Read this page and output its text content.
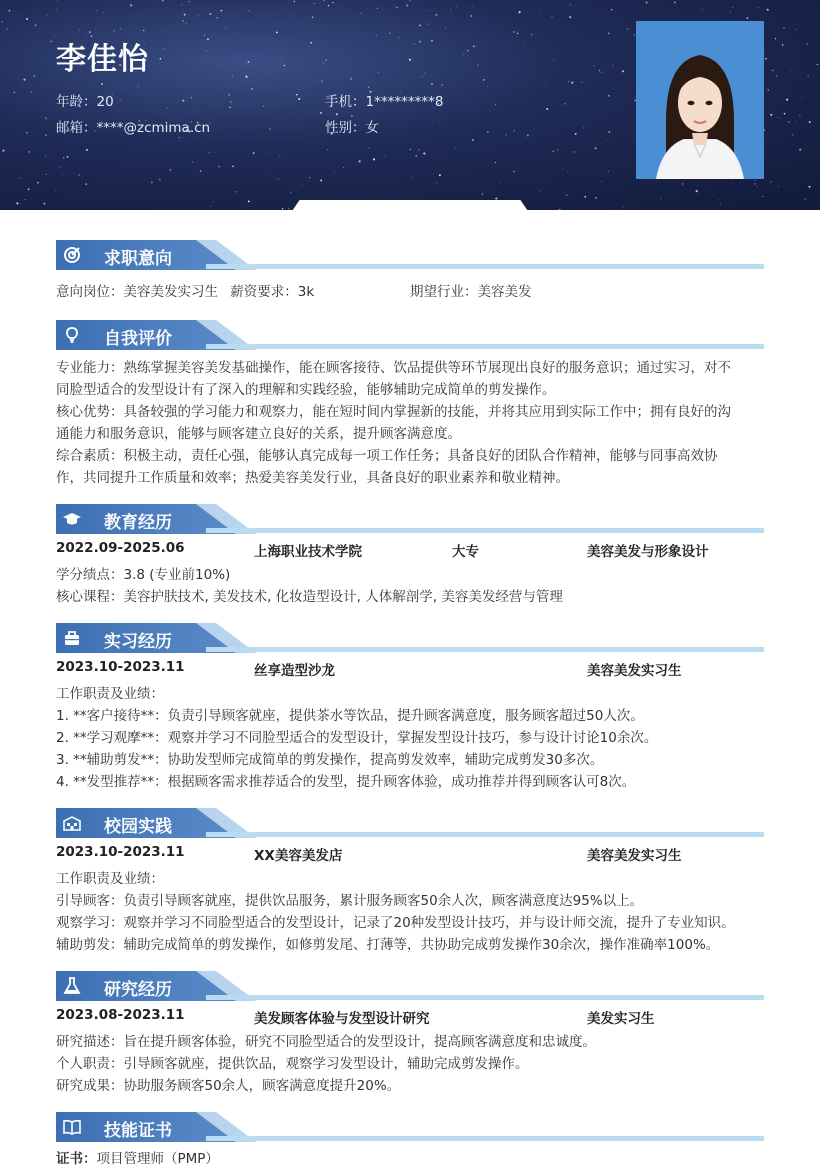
李佳怡
年龄：20	手机：1*********8
邮箱：****@zcmima.cn	性别：女
求职意向
意向岗位：美容美发实习生 薪资要求：3k	期望行业：美容美发
自我评价
专业能力：熟练掌握美容美发基础操作，能在顾客接待、饮品提供等环节展现出良好的服务意识；通过实习，对不
同脸型适合的发型设计有了深入的理解和实践经验，能够辅助完成简单的剪发操作。
核心优势：具备较强的学习能力和观察力，能在短时间内掌握新的技能，并将其应用到实际工作中；拥有良好的沟
通能力和服务意识，能够与顾客建立良好的关系，提升顾客满意度。
综合素质：积极主动，责任心强，能够认真完成每一项工作任务；具备良好的团队合作精神，能够与同事高效协
作，共同提升工作质量和效率；热爱美容美发行业，具备良好的职业素养和敬业精神。
教育经历
2022.09-2025.06	上海职业技术学院	大专	美容美发与形象设计
学分绩点：3.8 (专业前10%)
核心课程：美容护肤技术, 美发技术, 化妆造型设计, 人体解剖学, 美容美发经营与管理
实习经历
2023.10-2023.11	丝享造型沙龙	美容美发实习生
工作职责及业绩：
1. **客户接待**：负责引导顾客就座，提供茶水等饮品，提升顾客满意度，服务顾客超过50人次。
2. **学习观摩**：观察并学习不同脸型适合的发型设计，掌握发型设计技巧，参与设计讨论10余次。
3. **辅助剪发**：协助发型师完成简单的剪发操作，提高剪发效率，辅助完成剪发30多次。
4. **发型推荐**：根据顾客需求推荐适合的发型，提升顾客体验，成功推荐并得到顾客认可8次。
校园实践
2023.10-2023.11	XX美容美发店	美容美发实习生
工作职责及业绩：
引导顾客：负责引导顾客就座，提供饮品服务，累计服务顾客50余人次，顾客满意度达95%以上。
观察学习：观察并学习不同脸型适合的发型设计，记录了20种发型设计技巧，并与设计师交流，提升了专业知识。
辅助剪发：辅助完成简单的剪发操作，如修剪发尾、打薄等，共协助完成剪发操作30余次，操作准确率100%。
研究经历
2023.08-2023.11	美发顾客体验与发型设计研究	美发实习生
研究描述：旨在提升顾客体验，研究不同脸型适合的发型设计，提高顾客满意度和忠诚度。
个人职责：引导顾客就座，提供饮品，观察学习发型设计，辅助完成剪发操作。
研究成果：协助服务顾客50余人，顾客满意度提升20%。
技能证书
证书：项目管理师（PMP）
